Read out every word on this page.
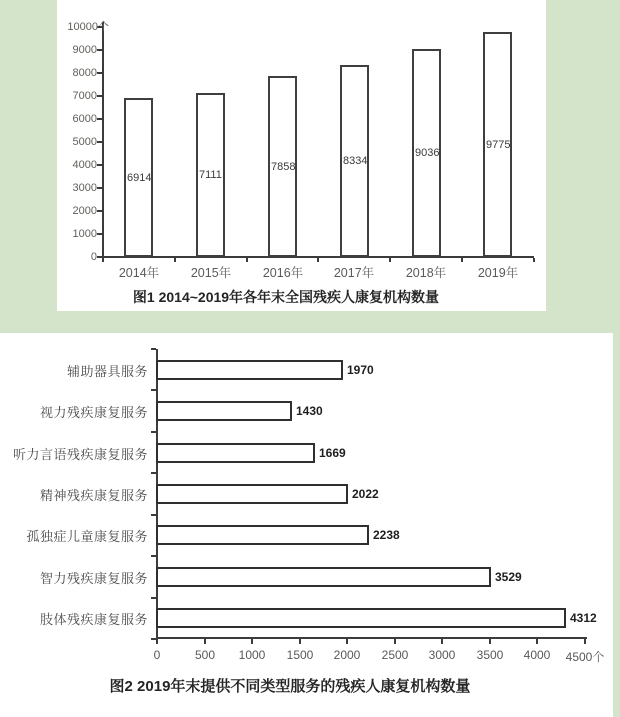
10000个
9000
8000
7000
6000
5000
4000
3000
2000
1000
0
6914
2014年
7111
2015年
7858
2016年
8334
2017年
9036
2018年
9775
2019年
图1 2014~2019年各年末全国残疾人康复机构数量
0	500	1000	1500	2000	2500	3000	3500	4000	4500个
1970
辅助器具服务
1430
视力残疾康复服务
1669
听力言语残疾康复服务
2022
精神残疾康复服务
2238
孤独症儿童康复服务
3529
智力残疾康复服务
4312
肢体残疾康复服务
图2 2019年末提供不同类型服务的残疾人康复机构数量
